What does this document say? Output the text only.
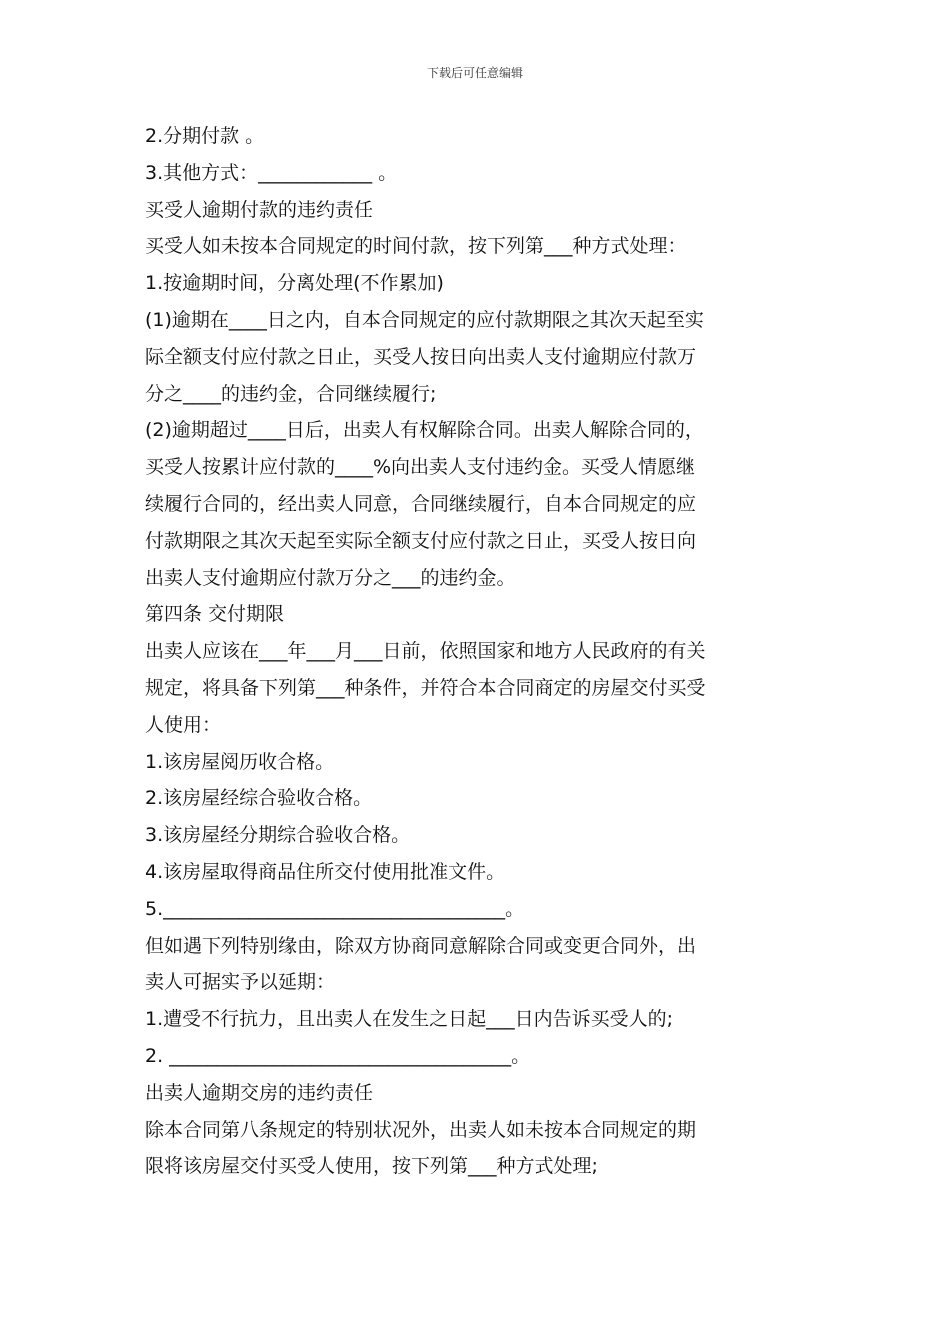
下载后可任意编辑
2.分期付款 。
3.其他方式：____________ 。
买受人逾期付款的违约责任
买受人如未按本合同规定的时间付款，按下列第___种方式处理：
1.按逾期时间，分离处理(不作累加)
(1)逾期在____日之内，自本合同规定的应付款期限之其次天起至实
际全额支付应付款之日止，买受人按日向出卖人支付逾期应付款万
分之____的违约金，合同继续履行;
(2)逾期超过____日后，出卖人有权解除合同。出卖人解除合同的，
买受人按累计应付款的____%向出卖人支付违约金。买受人情愿继
续履行合同的，经出卖人同意，合同继续履行，自本合同规定的应
付款期限之其次天起至实际全额支付应付款之日止，买受人按日向
出卖人支付逾期应付款万分之___的违约金。
第四条 交付期限
出卖人应该在___年___月___日前，依照国家和地方人民政府的有关
规定，将具备下列第___种条件，并符合本合同商定的房屋交付买受
人使用：
1.该房屋阅历收合格。
2.该房屋经综合验收合格。
3.该房屋经分期综合验收合格。
4.该房屋取得商品住所交付使用批准文件。
5.____________________________________。
但如遇下列特别缘由，除双方协商同意解除合同或变更合同外，出
卖人可据实予以延期：
1.遭受不行抗力，且出卖人在发生之日起___日内告诉买受人的;
2. ____________________________________。
出卖人逾期交房的违约责任
除本合同第八条规定的特别状况外，出卖人如未按本合同规定的期
限将该房屋交付买受人使用，按下列第___种方式处理;
